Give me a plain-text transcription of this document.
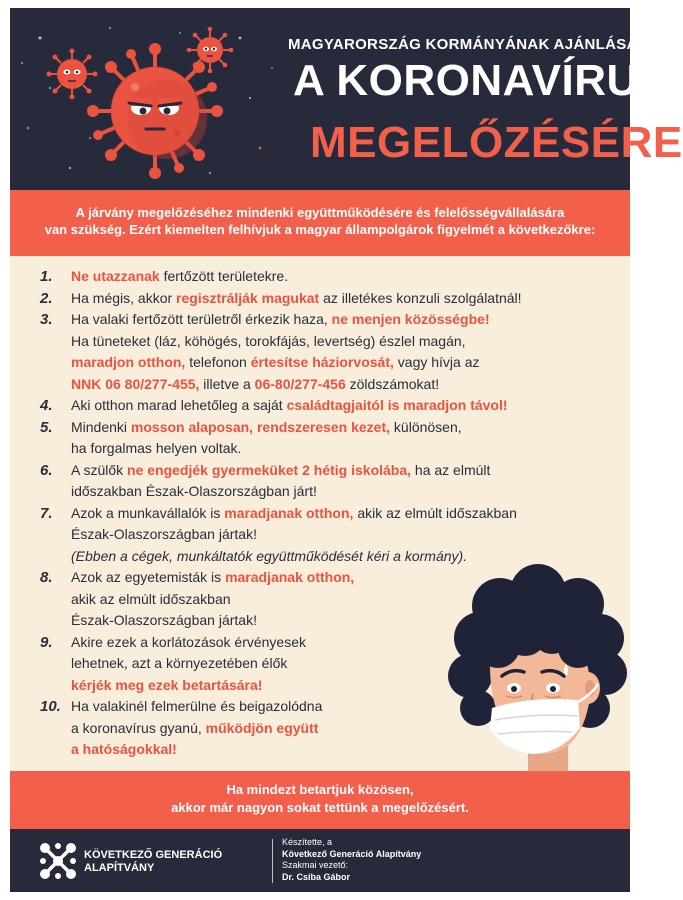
MAGYARORSZÁG KORMÁNYÁNAK AJÁNLÁSA
A KORONAVÍRUS
MEGELŐZÉSÉRE
A járvány megelőzéséhez mindenki együttműködésére és felelősségvállalására
van szükség. Ezért kiemelten felhívjuk a magyar állampolgárok figyelmét a következőkre:
1. Ne utazzanak fertőzött területekre.
2. Ha mégis, akkor regisztrálják magukat az illetékes konzuli szolgálatnál!
3. Ha valaki fertőzött területről érkezik haza, ne menjen közösségbe!
Ha tüneteket (láz, köhögés, torokfájás, levertség) észlel magán,
maradjon otthon, telefonon értesítse háziorvosát, vagy hívja az
NNK 06 80/277-455, illetve a 06-80/277-456 zöldszámokat!
4. Aki otthon marad lehetőleg a saját családtagjaitól is maradjon távol!
5. Mindenki mosson alaposan, rendszeresen kezet, különösen,
ha forgalmas helyen voltak.
6. A szülők ne engedjék gyermeküket 2 hétig iskolába, ha az elmúlt
időszakban Észak-Olaszországban járt!
7. Azok a munkavállalók is maradjanak otthon, akik az elmúlt időszakban
Észak-Olaszországban jártak!
(Ebben a cégek, munkáltatók együttműködését kéri a kormány).
8. Azok az egyetemisták is maradjanak otthon,
akik az elmúlt időszakban
Észak-Olaszországban jártak!
9. Akire ezek a korlátozások érvényesek
lehetnek, azt a környezetében élők
kérjék meg ezek betartására!
10. Ha valakinél felmerülne és beigazolódna
a koronavírus gyanú, működjön együtt
a hatóságokkal!
Ha mindezt betartjuk közösen,
akkor már nagyon sokat tettünk a megelőzésért.
KÖVETKEZŐ GENERÁCIÓ
ALAPÍTVÁNY
Készítette, a
Következő Generáció Alapítvány
Szakmai vezető:
Dr. Csiba Gábor
